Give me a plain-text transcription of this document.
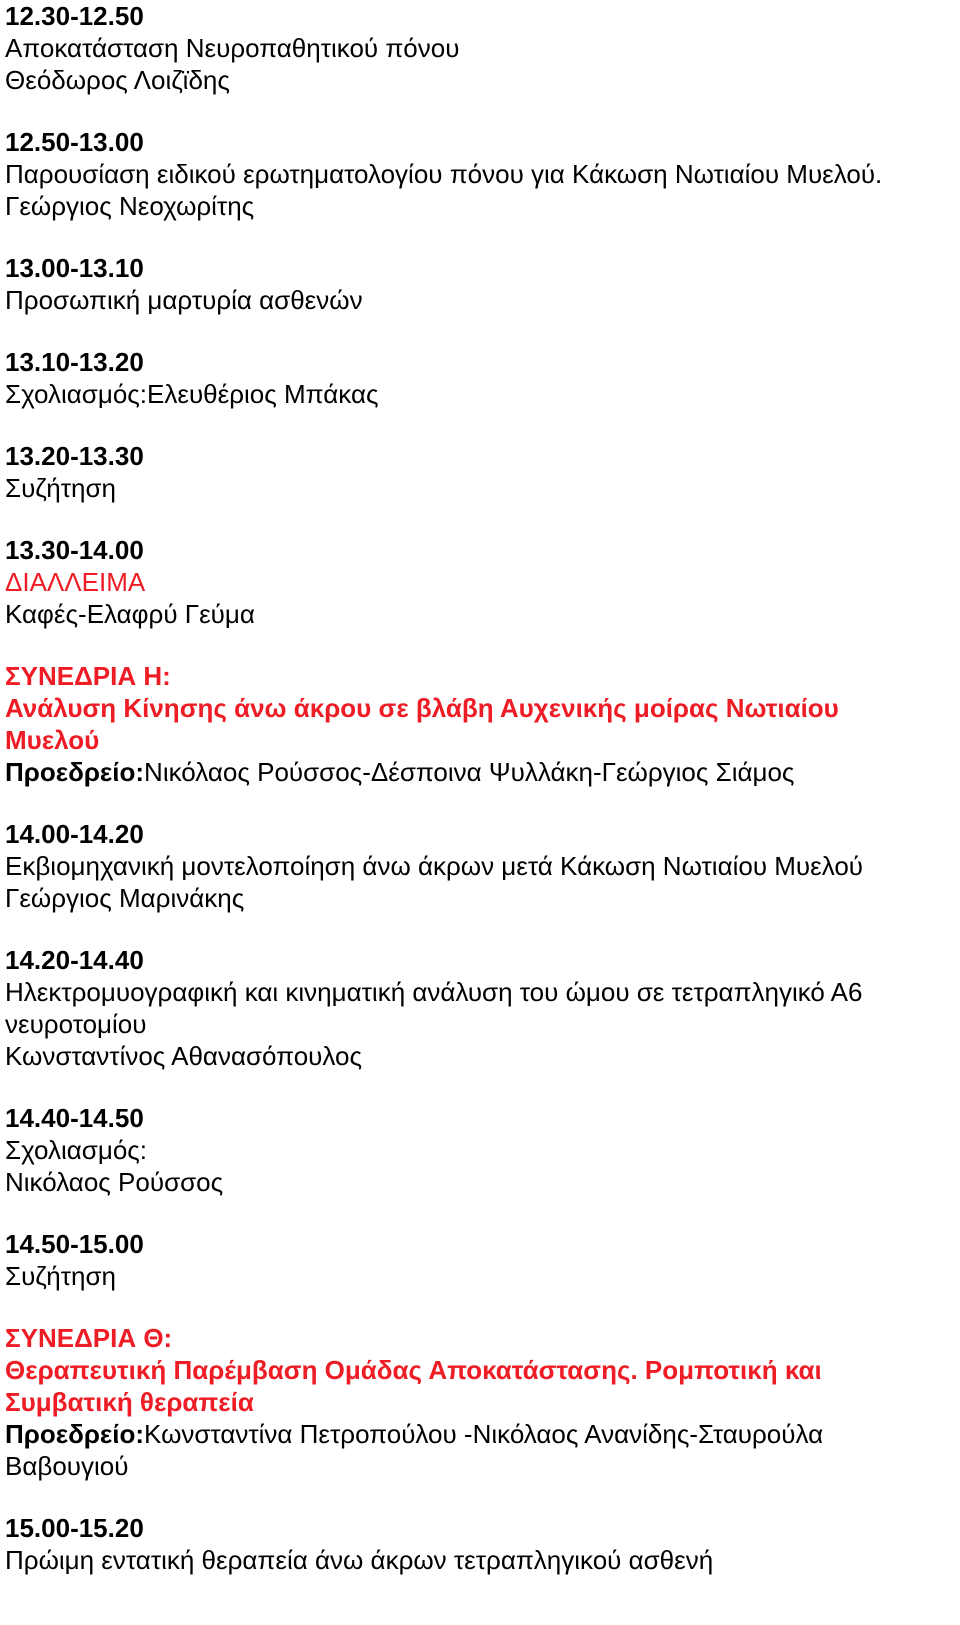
12.30-12.50
Αποκατάσταση Νευροπαθητικού πόνου
Θεόδωρος Λοιζϊδης
12.50-13.00
Παρουσίαση ειδικού ερωτηματολογίου πόνου για Κάκωση Νωτιαίου Μυελού.
Γεώργιος Νεοχωρίτης
13.00-13.10
Προσωπική μαρτυρία ασθενών
13.10-13.20
Σχολιασμός:Ελευθέριος Μπάκας
13.20-13.30
Συζήτηση
13.30-14.00
ΔΙΑΛΛΕΙΜΑ
Καφές-Ελαφρύ Γεύμα
ΣΥΝΕΔΡΙΑ Η:
Ανάλυση Κίνησης άνω άκρου σε βλάβη Αυχενικής μοίρας Νωτιαίου
Μυελού
Προεδρείο:Νικόλαος Ρούσσος-Δέσποινα Ψυλλάκη-Γεώργιος Σιάμος
14.00-14.20
Εκβιομηχανική μοντελοποίηση άνω άκρων μετά Κάκωση Νωτιαίου Μυελού
Γεώργιος Μαρινάκης
14.20-14.40
Ηλεκτρομυογραφική και κινηματική ανάλυση του ώμου σε τετραπληγικό Α6
νευροτομίου
Κωνσταντίνος Αθανασόπουλος
14.40-14.50
Σχολιασμός:
Νικόλαος Ρούσσος
14.50-15.00
Συζήτηση
ΣΥΝΕΔΡΙΑ Θ:
Θεραπευτική Παρέμβαση Ομάδας Αποκατάστασης. Ρομποτική και
Συμβατική θεραπεία
Προεδρείο:Κωνσταντίνα Πετροπούλου -Νικόλαος Ανανίδης-Σταυρούλα
Βαβουγιού
15.00-15.20
Πρώιμη εντατική θεραπεία άνω άκρων τετραπληγικού ασθενή
